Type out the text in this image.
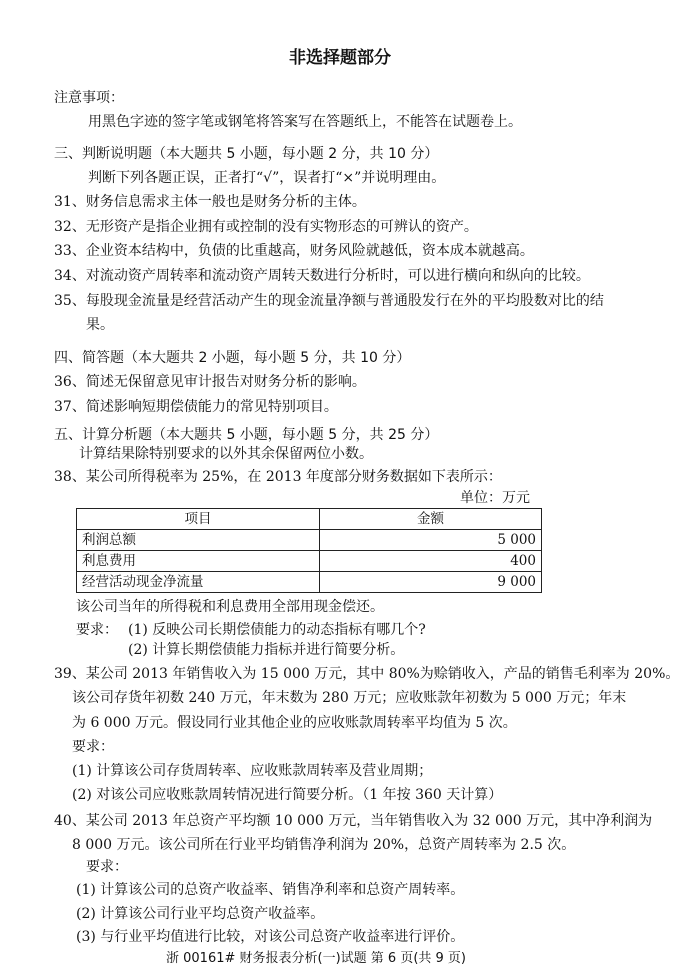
非选择题部分
注意事项：
用黑色字迹的签字笔或钢笔将答案写在答题纸上，不能答在试题卷上。
三、判断说明题（本大题共 5 小题，每小题 2 分，共 10 分）
判断下列各题正误，正者打“√”，误者打“×”并说明理由。
31、财务信息需求主体一般也是财务分析的主体。
32、无形资产是指企业拥有或控制的没有实物形态的可辨认的资产。
33、企业资本结构中，负债的比重越高，财务风险就越低，资本成本就越高。
34、对流动资产周转率和流动资产周转天数进行分析时，可以进行横向和纵向的比较。
35、每股现金流量是经营活动产生的现金流量净额与普通股发行在外的平均股数对比的结
果。
四、简答题（本大题共 2 小题，每小题 5 分，共 10 分）
36、简述无保留意见审计报告对财务分析的影响。
37、简述影响短期偿债能力的常见特别项目。
五、计算分析题（本大题共 5 小题，每小题 5 分，共 25 分）
计算结果除特别要求的以外其余保留两位小数。
38、某公司所得税率为 25%，在 2013 年度部分财务数据如下表所示：
单位：万元
项目	金额
利润总额	5 000
利息费用	400
经营活动现金净流量	9 000
该公司当年的所得税和利息费用全部用现金偿还。
要求： (1) 反映公司长期偿债能力的动态指标有哪几个?
(2) 计算长期偿债能力指标并进行简要分析。
39、某公司 2013 年销售收入为 15 000 万元，其中 80%为赊销收入，产品的销售毛利率为 20%。
该公司存货年初数 240 万元，年末数为 280 万元；应收账款年初数为 5 000 万元；年末
为 6 000 万元。假设同行业其他企业的应收账款周转率平均值为 5 次。
要求：
(1) 计算该公司存货周转率、应收账款周转率及营业周期；
(2) 对该公司应收账款周转情况进行简要分析。（1 年按 360 天计算）
40、某公司 2013 年总资产平均额 10 000 万元，当年销售收入为 32 000 万元，其中净利润为
8 000 万元。该公司所在行业平均销售净利润为 20%，总资产周转率为 2.5 次。
要求：
(1) 计算该公司的总资产收益率、销售净利率和总资产周转率。
(2) 计算该公司行业平均总资产收益率。
(3) 与行业平均值进行比较，对该公司总资产收益率进行评价。
浙 00161# 财务报表分析(一)试题 第 6 页(共 9 页)
